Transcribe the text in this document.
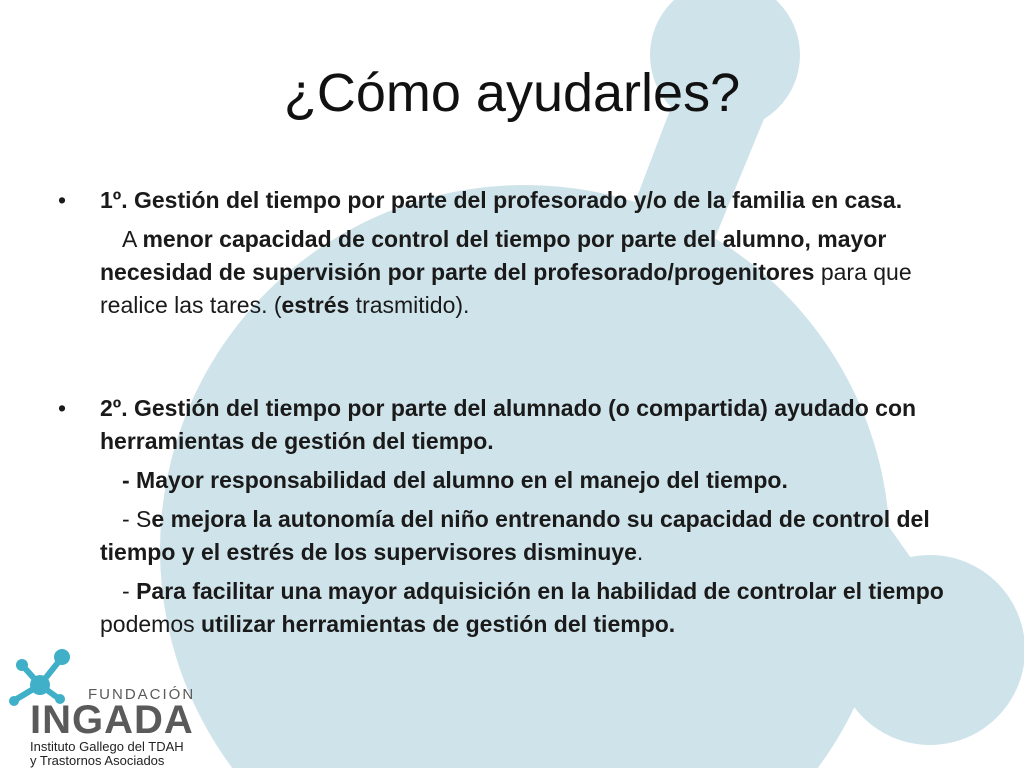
¿Cómo ayudarles?
• 1º. Gestión del tiempo por parte del profesorado y/o de la familia en casa.

A menor capacidad de control del tiempo por parte del alumno, mayor necesidad de supervisión por parte del profesorado/progenitores para que realice las tares. (estrés trasmitido).

• 2º. Gestión del tiempo por parte del alumnado (o compartida) ayudado con herramientas de gestión del tiempo.

- Mayor responsabilidad del alumno en el manejo del tiempo.

- Se mejora la autonomía del niño entrenando su capacidad de control del tiempo y el estrés de los supervisores disminuye.

- Para facilitar una mayor adquisición en la habilidad de controlar el tiempo podemos utilizar herramientas de gestión del tiempo.

FUNDACIÓN
INGADA
Instituto Gallego del TDAH
y Trastornos Asociados
